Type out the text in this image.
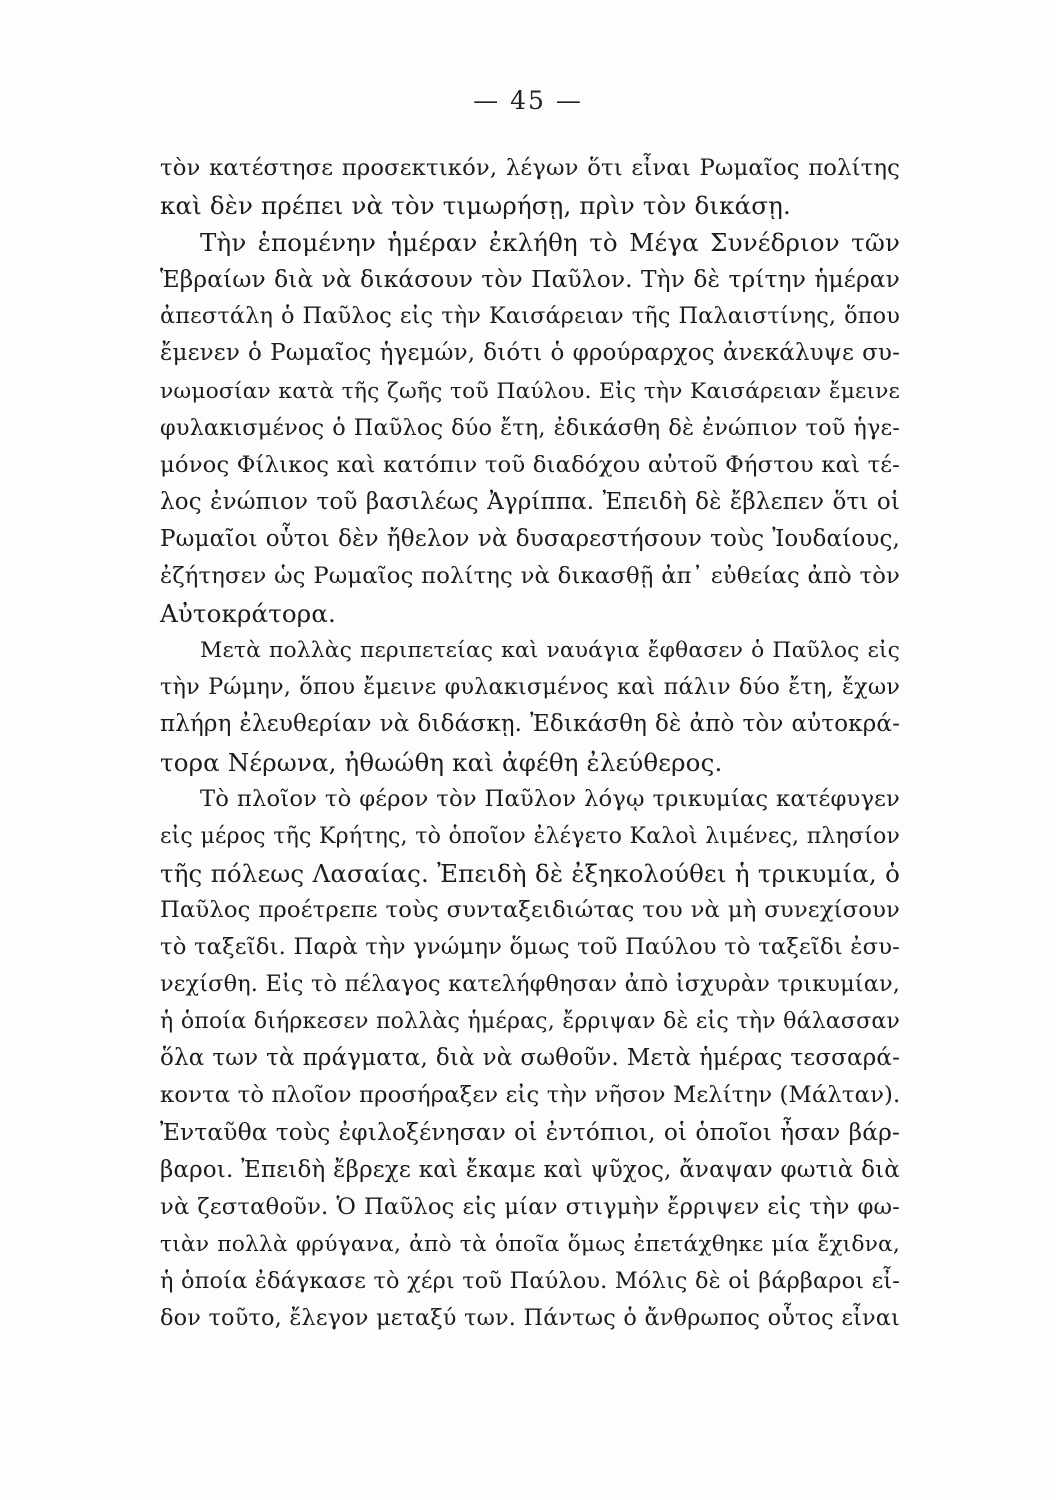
— 45 —
τὸν κατέστησε προσεκτικόν, λέγων ὅτι εἶναι Ρωμαῖος πολίτης
καὶ δὲν πρέπει νὰ τὸν τιμωρήσῃ, πρὶν τὸν δικάσῃ.
Τὴν ἑπομένην ἡμέραν ἐκλήθη τὸ Μέγα Συνέδριον τῶν
Ἑβραίων διὰ νὰ δικάσουν τὸν Παῦλον. Τὴν δὲ τρίτην ἡμέραν
ἀπεστάλη ὁ Παῦλος εἰς τὴν Καισάρειαν τῆς Παλαιστίνης, ὅπου
ἔμενεν ὁ Ρωμαῖος ἡγεμών, διότι ὁ φρούραρχος ἀνεκάλυψε συ-
νωμοσίαν κατὰ τῆς ζωῆς τοῦ Παύλου. Εἰς τὴν Καισάρειαν ἔμεινε
φυλακισμένος ὁ Παῦλος δύο ἔτη, ἐδικάσθη δὲ ἐνώπιον τοῦ ἡγε-
μόνος Φίλικος καὶ κατόπιν τοῦ διαδόχου αὐτοῦ Φήστου καὶ τέ-
λος ἐνώπιον τοῦ βασιλέως Ἀγρίππα. Ἐπειδὴ δὲ ἔβλεπεν ὅτι οἱ
Ρωμαῖοι οὗτοι δὲν ἤθελον νὰ δυσαρεστήσουν τοὺς Ἰουδαίους,
ἐζήτησεν ὡς Ρωμαῖος πολίτης νὰ δικασθῇ ἀπ᾿ εὐθείας ἀπὸ τὸν
Αὐτοκράτορα.
Μετὰ πολλὰς περιπετείας καὶ ναυάγια ἔφθασεν ὁ Παῦλος εἰς
τὴν Ρώμην, ὅπου ἔμεινε φυλακισμένος καὶ πάλιν δύο ἔτη, ἔχων
πλήρη ἐλευθερίαν νὰ διδάσκῃ. Ἐδικάσθη δὲ ἀπὸ τὸν αὐτοκρά-
τορα Νέρωνα, ἠθωώθη καὶ ἀφέθη ἐλεύθερος.
Τὸ πλοῖον τὸ φέρον τὸν Παῦλον λόγῳ τρικυμίας κατέφυγεν
εἰς μέρος τῆς Κρήτης, τὸ ὁποῖον ἐλέγετο Καλοὶ λιμένες, πλησίον
τῆς πόλεως Λασαίας. Ἐπειδὴ δὲ ἐξηκολούθει ἡ τρικυμία, ὁ
Παῦλος προέτρεπε τοὺς συνταξειδιώτας του νὰ μὴ συνεχίσουν
τὸ ταξεῖδι. Παρὰ τὴν γνώμην ὅμως τοῦ Παύλου τὸ ταξεῖδι ἐσυ-
νεχίσθη. Εἰς τὸ πέλαγος κατελήφθησαν ἀπὸ ἰσχυρὰν τρικυμίαν,
ἡ ὁποία διήρκεσεν πολλὰς ἡμέρας, ἔρριψαν δὲ εἰς τὴν θάλασσαν
ὅλα των τὰ πράγματα, διὰ νὰ σωθοῦν. Μετὰ ἡμέρας τεσσαρά-
κοντα τὸ πλοῖον προσήραξεν εἰς τὴν νῆσον Μελίτην (Μάλταν).
Ἐνταῦθα τοὺς ἐφιλοξένησαν οἱ ἐντόπιοι, οἱ ὁποῖοι ἦσαν βάρ-
βαροι. Ἐπειδὴ ἔβρεχε καὶ ἔκαμε καὶ ψῦχος, ἄναψαν φωτιὰ διὰ
νὰ ζεσταθοῦν. Ὁ Παῦλος εἰς μίαν στιγμὴν ἔρριψεν εἰς τὴν φω-
τιὰν πολλὰ φρύγανα, ἀπὸ τὰ ὁποῖα ὅμως ἐπετάχθηκε μία ἔχιδνα,
ἡ ὁποία ἐδάγκασε τὸ χέρι τοῦ Παύλου. Μόλις δὲ οἱ βάρβαροι εἶ-
δον τοῦτο, ἔλεγον μεταξύ των. Πάντως ὁ ἄνθρωπος οὗτος εἶναι
